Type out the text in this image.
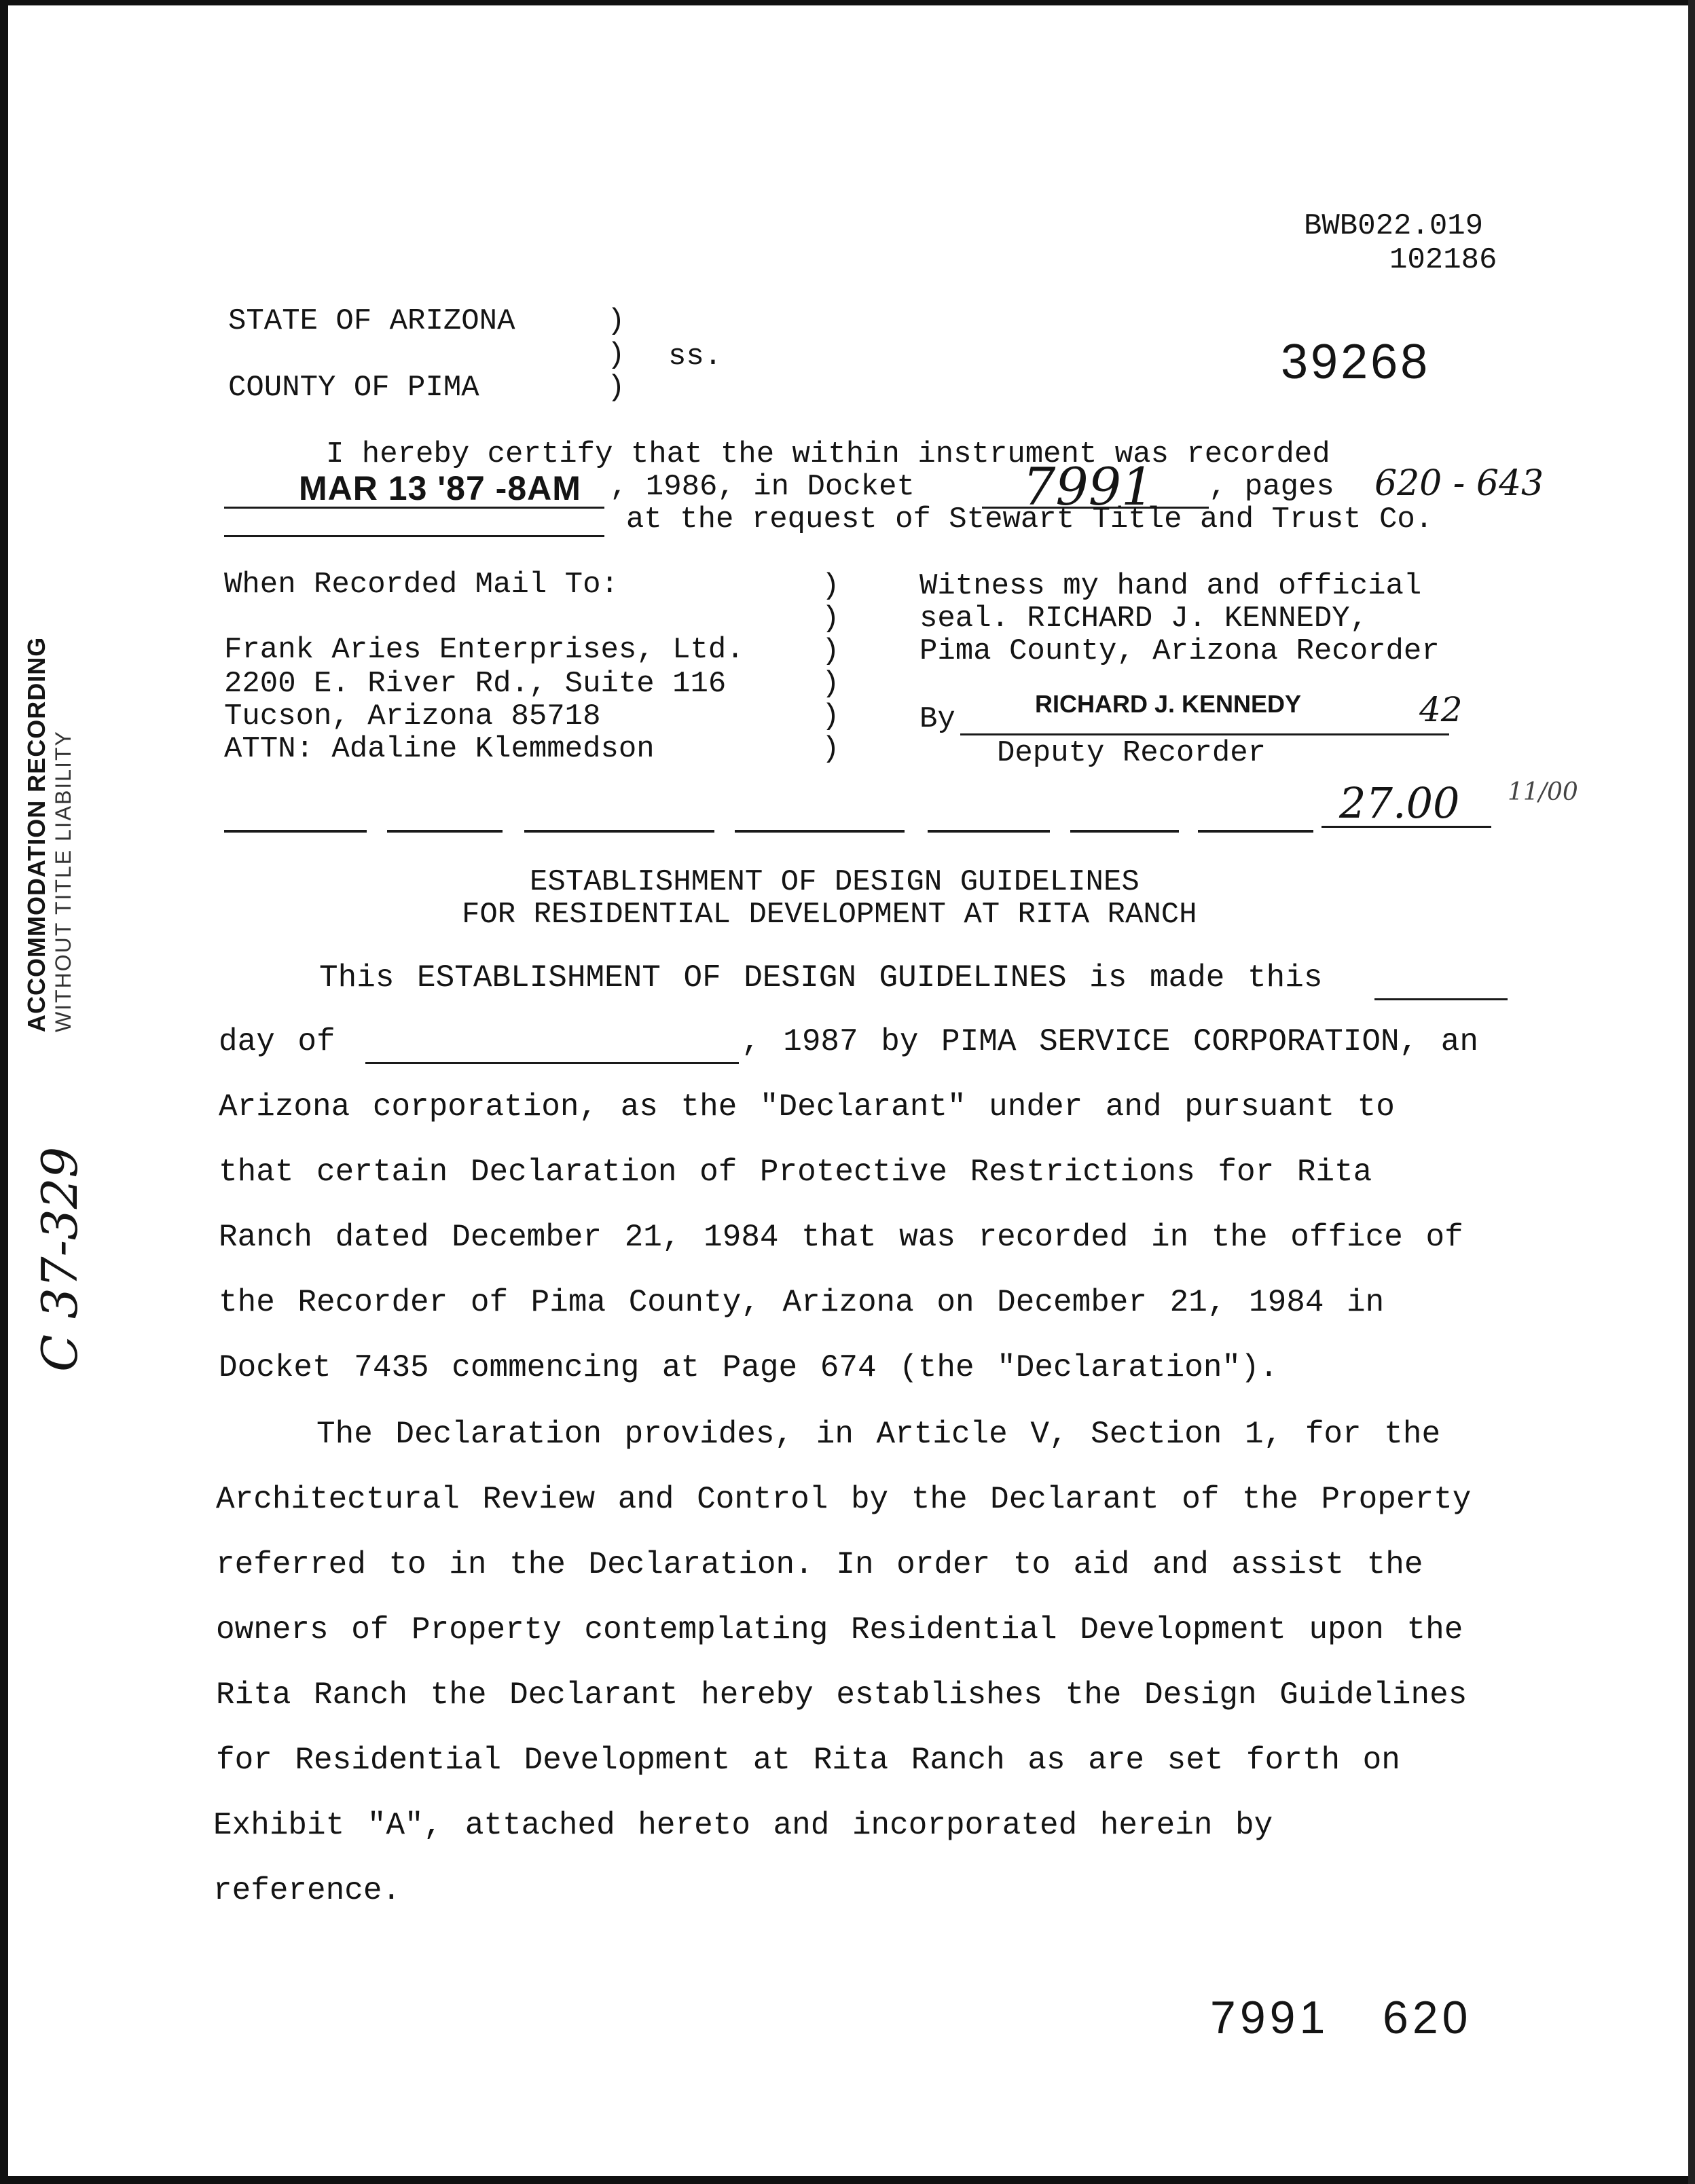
BWB022.019
102186
STATE OF ARIZONA
COUNTY OF PIMA
)
)
)
ss.	39268
I hereby certify that the within instrument was recorded
MAR 13 '87 -8AM , 1986, in Docket 7991 , pages 620 - 643
at the request of Stewart Title and Trust Co.
When Recorded Mail To:
Frank Aries Enterprises, Ltd.
2200 E. River Rd., Suite 116
Tucson, Arizona 85718
ATTN: Adaline Klemmedson
)
)
)
)
)
)
Witness my hand and official
seal. RICHARD J. KENNEDY,
Pima County, Arizona Recorder
By	RICHARD J. KENNEDY	42
Deputy Recorder
27.00 11/00
ACCOMMODATION RECORDING WITHOUT TITLE LIABILITY
C 37-329
ESTABLISHMENT OF DESIGN GUIDELINES
FOR RESIDENTIAL DEVELOPMENT AT RITA RANCH
This ESTABLISHMENT OF DESIGN GUIDELINES is made this
day of	, 1987 by PIMA SERVICE CORPORATION, an
Arizona corporation, as the "Declarant" under and pursuant to
that certain Declaration of Protective Restrictions for Rita
Ranch dated December 21, 1984 that was recorded in the office of
the Recorder of Pima County, Arizona on December 21, 1984 in
Docket 7435 commencing at Page 674 (the "Declaration").
The Declaration provides, in Article V, Section 1, for the
Architectural Review and Control by the Declarant of the Property
referred to in the Declaration. In order to aid and assist the
owners of Property contemplating Residential Development upon the
Rita Ranch the Declarant hereby establishes the Design Guidelines
for Residential Development at Rita Ranch as are set forth on
Exhibit "A", attached hereto and incorporated herein by
reference.
7991 620
